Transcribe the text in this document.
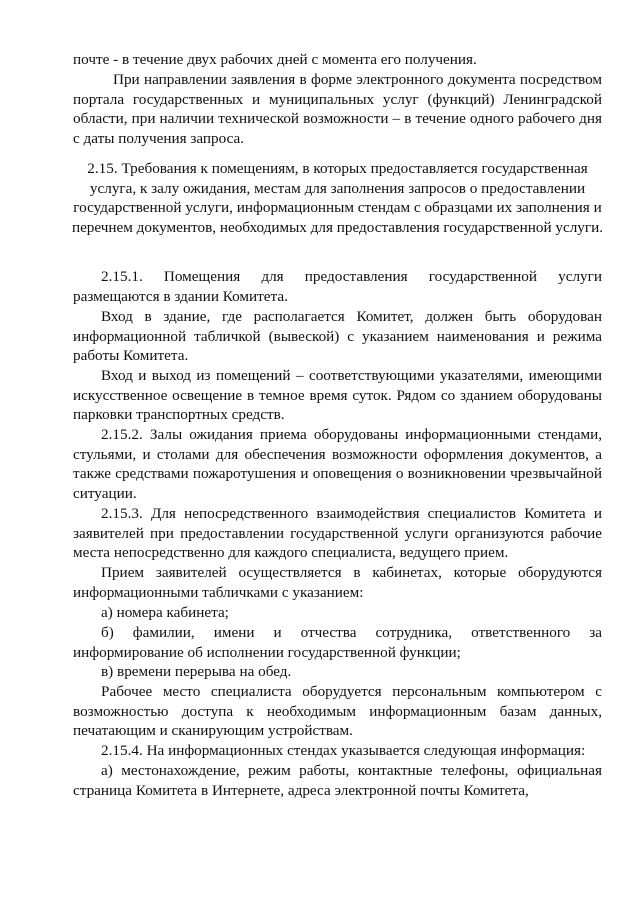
почте - в течение двух рабочих дней с момента его получения.

При направлении заявления в форме электронного документа посредством портала государственных и муниципальных услуг (функций) Ленинградской области, при наличии технической возможности – в течение одного рабочего дня с даты получения запроса.

2.15. Требования к помещениям, в которых предоставляется государственная услуга, к залу ожидания, местам для заполнения запросов о предоставлении государственной услуги, информационным стендам с образцами их заполнения и перечнем документов, необходимых для предоставления государственной услуги.

2.15.1. Помещения для предоставления государственной услуги размещаются в здании Комитета.

Вход в здание, где располагается Комитет, должен быть оборудован информационной табличкой (вывеской) с указанием наименования и режима работы Комитета.

Вход и выход из помещений – соответствующими указателями, имеющими искусственное освещение в темное время суток. Рядом со зданием оборудованы парковки транспортных средств.

2.15.2. Залы ожидания приема оборудованы информационными стендами, стульями, и столами для обеспечения возможности оформления документов, а также средствами пожаротушения и оповещения о возникновении чрезвычайной ситуации.

2.15.3. Для непосредственного взаимодействия специалистов Комитета и заявителей при предоставлении государственной услуги организуются рабочие места непосредственно для каждого специалиста, ведущего прием.

Прием заявителей осуществляется в кабинетах, которые оборудуются информационными табличками с указанием:

а) номера кабинета;

б) фамилии, имени и отчества сотрудника, ответственного за информирование об исполнении государственной функции;

в) времени перерыва на обед.

Рабочее место специалиста оборудуется персональным компьютером с возможностью доступа к необходимым информационным базам данных, печатающим и сканирующим устройствам.

2.15.4. На информационных стендах указывается следующая информация:

а) местонахождение, режим работы, контактные телефоны, официальная страница Комитета в Интернете, адреса электронной почты Комитета,
